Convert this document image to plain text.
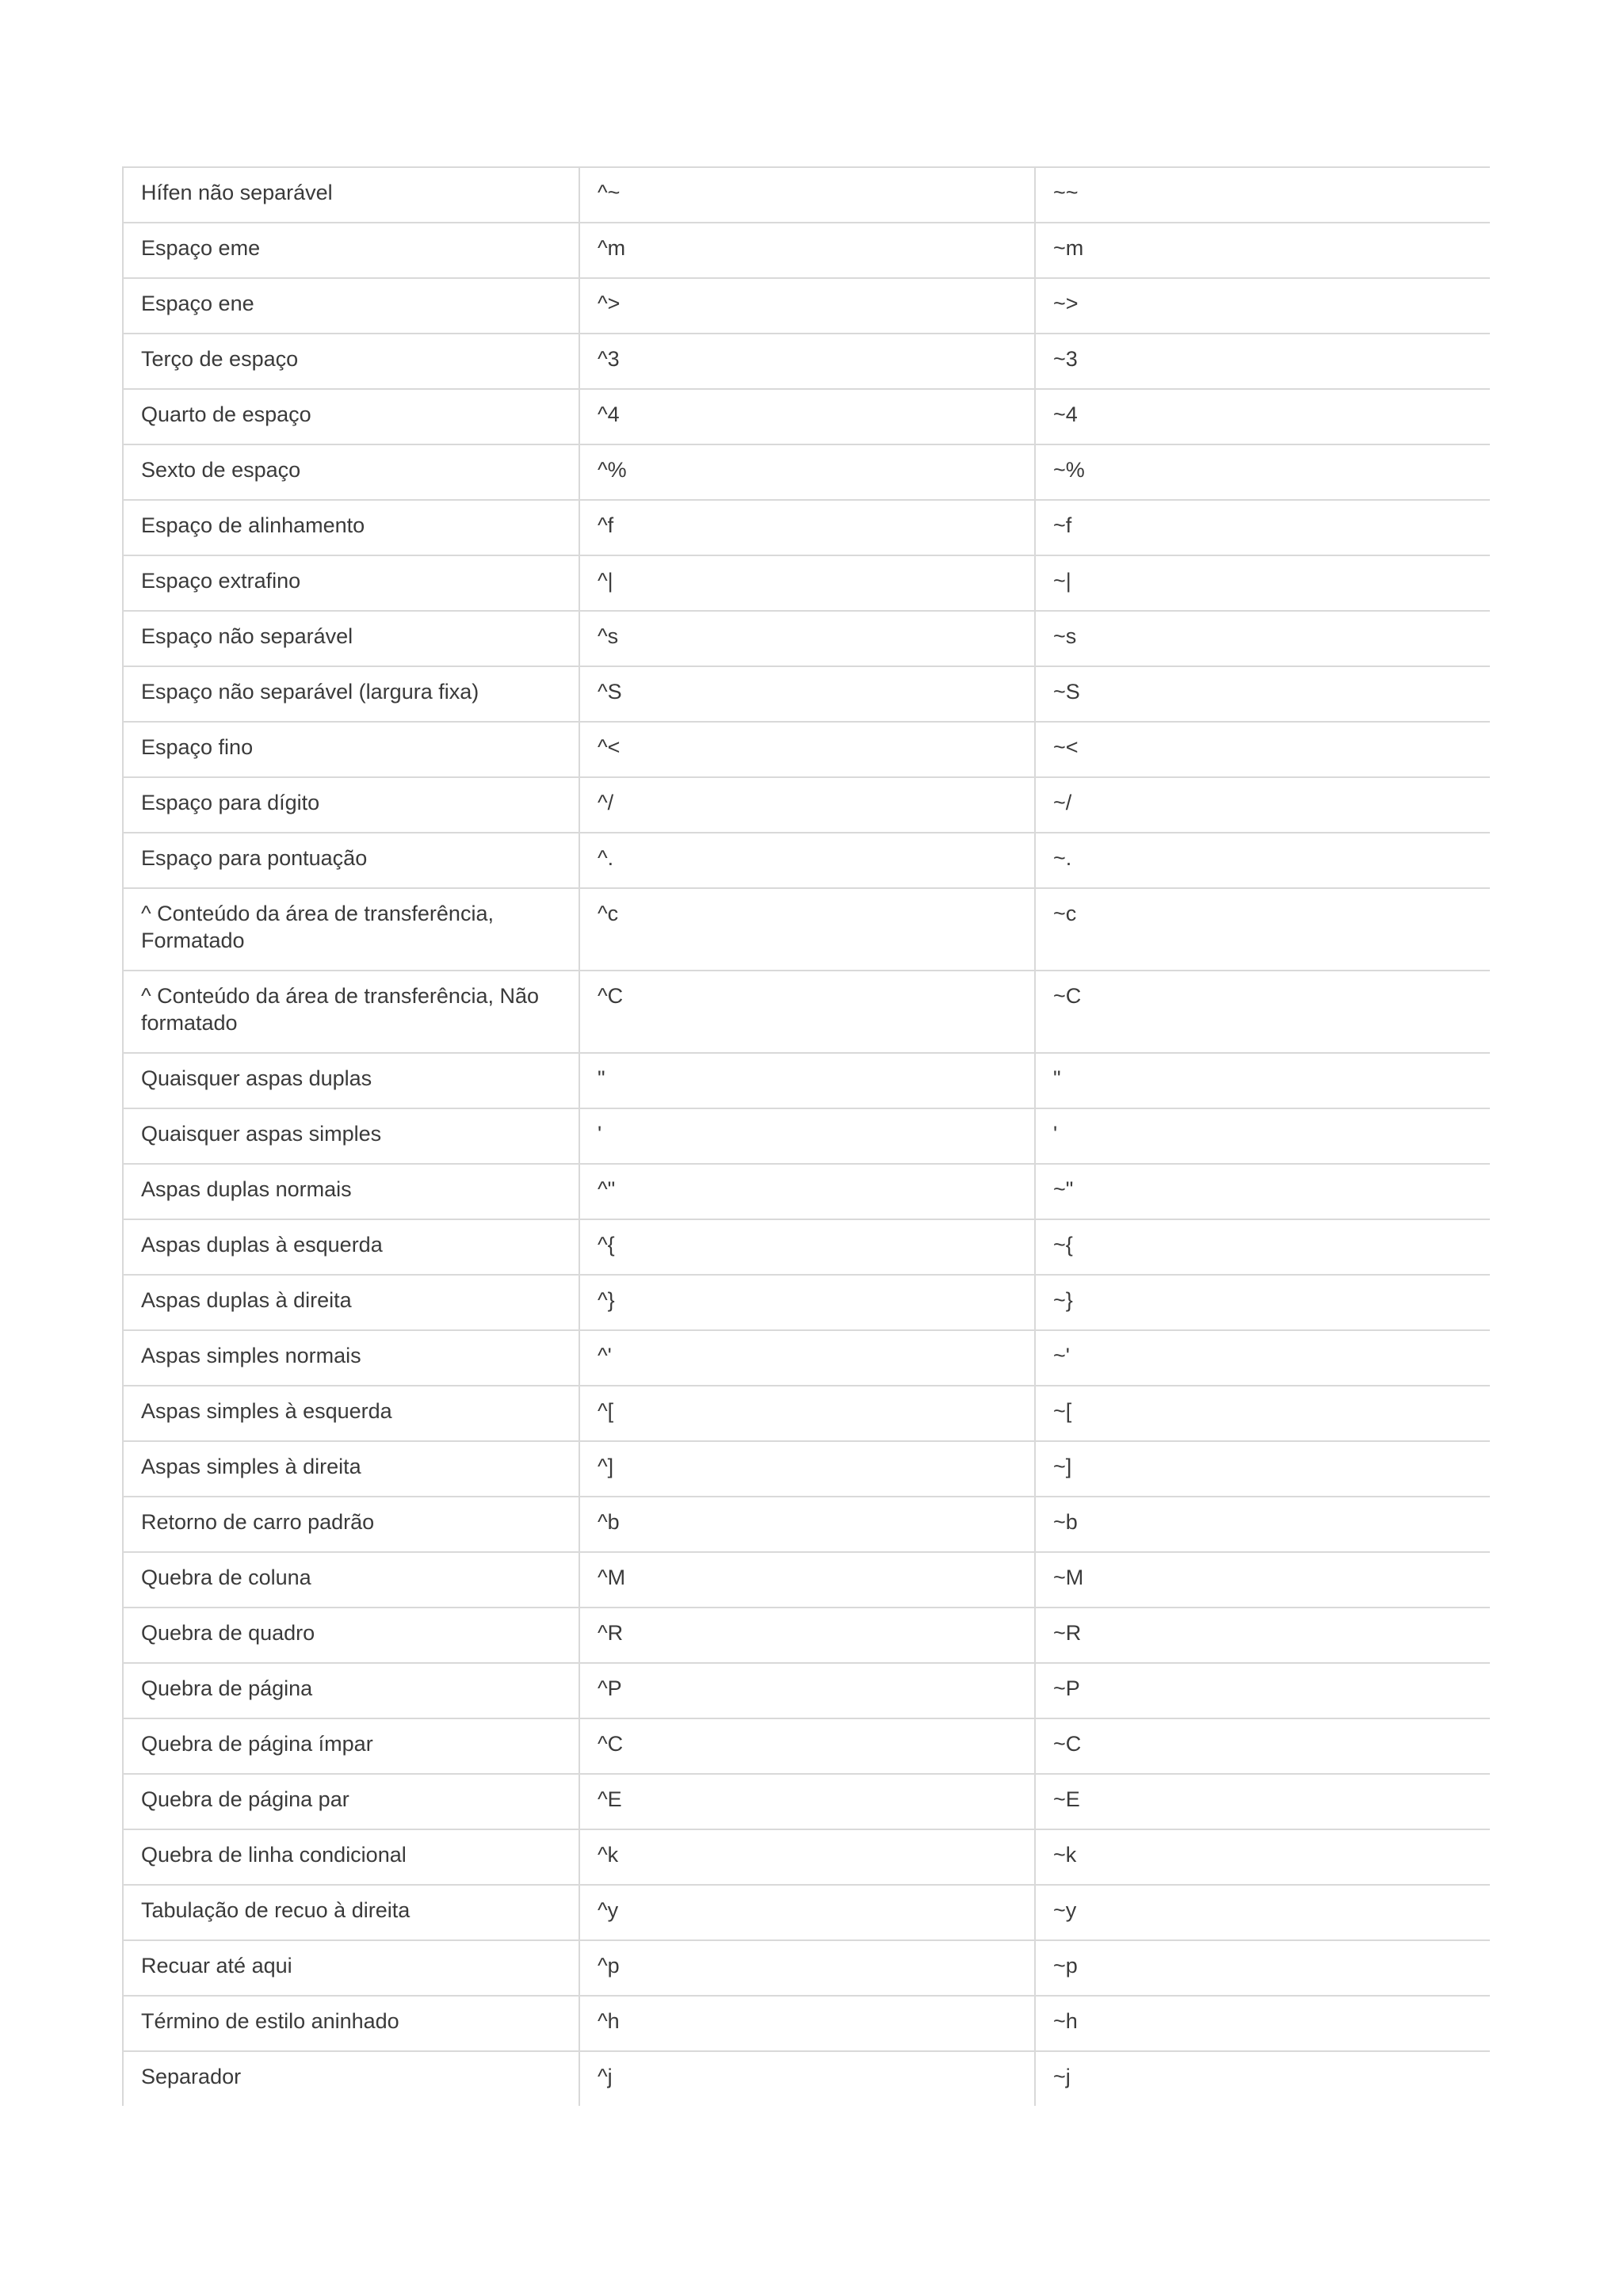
Hífen não separável	^~	~~
Espaço eme	^m	~m
Espaço ene	^>	~>
Terço de espaço	^3	~3
Quarto de espaço	^4	~4
Sexto de espaço	^%	~%
Espaço de alinhamento	^f	~f
Espaço extrafino	^|	~|
Espaço não separável	^s	~s
Espaço não separável (largura fixa)	^S	~S
Espaço fino	^<	~<
Espaço para dígito	^/	~/
Espaço para pontuação	^.	~.
^ Conteúdo da área de transferência, Formatado	^c	~c
^ Conteúdo da área de transferência, Não formatado	^C	~C
Quaisquer aspas duplas	"	"
Quaisquer aspas simples	'	'
Aspas duplas normais	^"	~"
Aspas duplas à esquerda	^{	~{
Aspas duplas à direita	^}	~}
Aspas simples normais	^'	~'
Aspas simples à esquerda	^[	~[
Aspas simples à direita	^]	~]
Retorno de carro padrão	^b	~b
Quebra de coluna	^M	~M
Quebra de quadro	^R	~R
Quebra de página	^P	~P
Quebra de página ímpar	^C	~C
Quebra de página par	^E	~E
Quebra de linha condicional	^k	~k
Tabulação de recuo à direita	^y	~y
Recuar até aqui	^p	~p
Término de estilo aninhado	^h	~h
Separador	^j	~j
